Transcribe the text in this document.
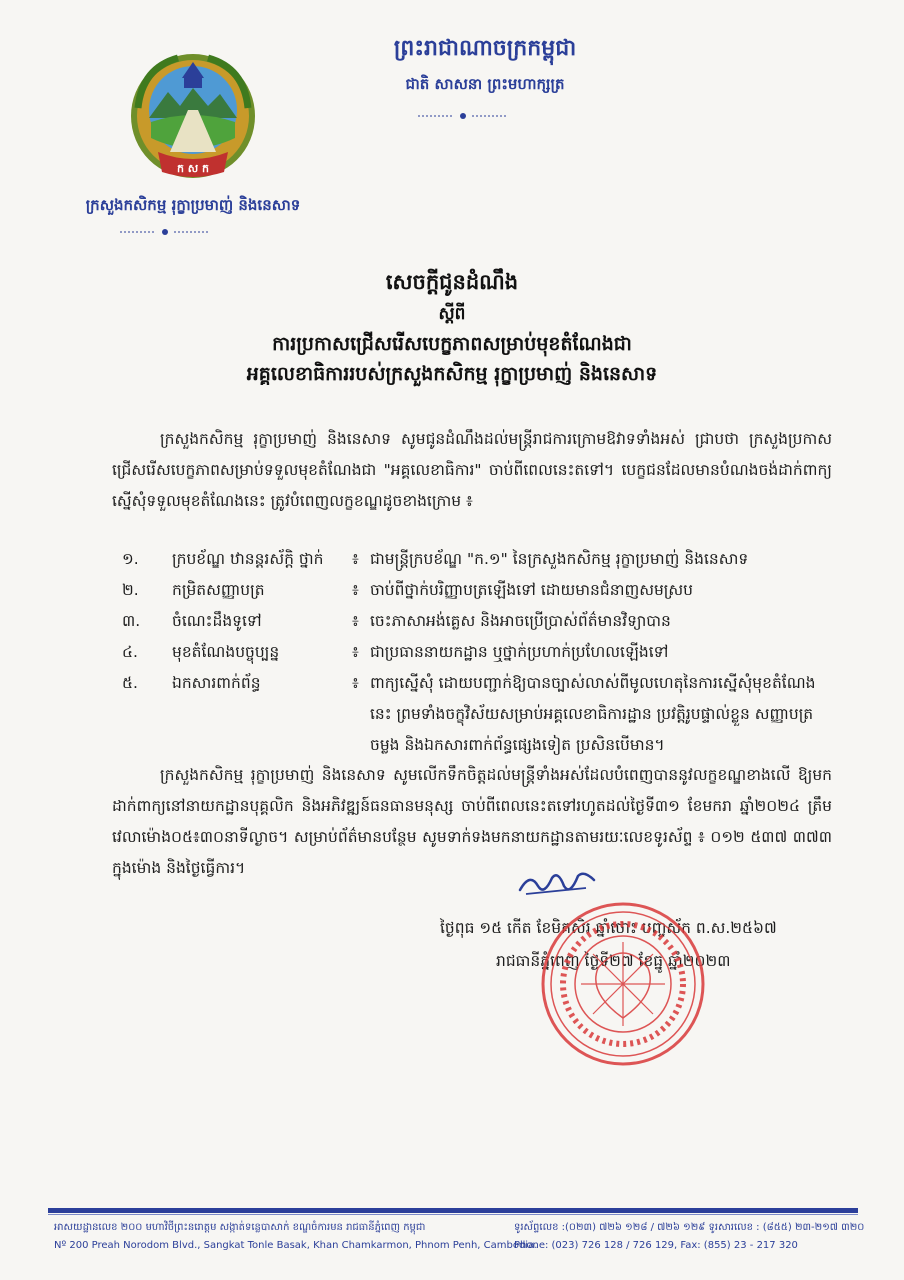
ក ស ក
ក្រសួងកសិកម្ម រុក្ខាប្រមាញ់ និងនេសាទ
ព្រះរាជាណាចក្រកម្ពុជា
ជាតិ សាសនា ព្រះមហាក្សត្រ
សេចក្តីជូនដំណឹង
ស្តីពី
ការប្រកាសជ្រើសរើសបេក្ខភាពសម្រាប់មុខតំណែងជា
អគ្គលេខាធិការរបស់ក្រសួងកសិកម្ម រុក្ខាប្រមាញ់ និងនេសាទ
ក្រសួងកសិកម្ម រុក្ខាប្រមាញ់ និងនេសាទ សូមជូនដំណឹងដល់មន្ត្រីរាជការក្រោមឱវាទទាំងអស់ ជ្រាបថា ក្រសួងប្រកាសជ្រើសរើសបេក្ខភាពសម្រាប់ទទួលមុខតំណែងជា "អគ្គលេខាធិការ" ចាប់ពីពេលនេះតទៅ។ បេក្ខជនដែលមានបំណងចង់ដាក់ពាក្យស្នើសុំទទួលមុខតំណែងនេះ ត្រូវបំពេញលក្ខខណ្ឌដូចខាងក្រោម ៖
១.	ក្របខ័ណ្ឌ ឋានន្តរស័ក្តិ ថ្នាក់	៖ ជាមន្ត្រីក្របខ័ណ្ឌ "ក.១" នៃក្រសួងកសិកម្ម រុក្ខាប្រមាញ់ និងនេសាទ
២.	កម្រិតសញ្ញាបត្រ	៖ ចាប់ពីថ្នាក់បរិញ្ញាបត្រឡើងទៅ ដោយមានជំនាញសមស្រប
៣.	ចំណេះដឹងទូទៅ	៖ ចេះភាសាអង់គ្លេស និងអាចប្រើប្រាស់ព័ត៌មានវិទ្យាបាន
៤.	មុខតំណែងបច្ចុប្បន្ន	៖ ជាប្រធាននាយកដ្ឋាន ឬថ្នាក់ប្រហាក់ប្រហែលឡើងទៅ
៥.	ឯកសារពាក់ព័ន្ធ	៖ ពាក្យស្នើសុំ ដោយបញ្ជាក់ឱ្យបានច្បាស់លាស់ពីមូលហេតុនៃការស្នើសុំមុខតំណែងនេះ ព្រមទាំងចក្ខុវិស័យសម្រាប់អគ្គលេខាធិការដ្ឋាន ប្រវត្តិរូបផ្ទាល់ខ្លួន សញ្ញាបត្រចម្លង និងឯកសារពាក់ព័ន្ធផ្សេងទៀត ប្រសិនបើមាន។
ក្រសួងកសិកម្ម រុក្ខាប្រមាញ់ និងនេសាទ សូមលើកទឹកចិត្តដល់មន្ត្រីទាំងអស់ដែលបំពេញបាននូវលក្ខខណ្ឌខាងលើ ឱ្យមកដាក់ពាក្យនៅនាយកដ្ឋានបុគ្គលិក និងអភិវឌ្ឍន៍ធនធានមនុស្ស ចាប់ពីពេលនេះតទៅរហូតដល់ថ្ងៃទី៣១ ខែមករា ឆ្នាំ២០២៤ ត្រឹមវេលាម៉ោង០៥៖៣០នាទីល្ងាច។ សម្រាប់ព័ត៌មានបន្ថែម សូមទាក់ទងមកនាយកដ្ឋានតាមរយៈលេខទូរស័ព្ទ ៖ ០១២ ៥៣៧ ៣៧៣ ក្នុងម៉ោង និងថ្ងៃធ្វើការ។
ថ្ងៃពុធ ១៥ កើត ខែមិគសិរ ឆ្នាំថោះ បញ្ចស័ក ព.ស.២៥៦៧
រាជធានីភ្នំពេញ ថ្ងៃទី២៧ ខែធ្នូ ឆ្នាំ២០២៣
អាសយដ្ឋានលេខ ២០០ មហាវិថីព្រះនរោត្តម សង្កាត់ទន្លេបាសាក់ ខណ្ឌចំការមន រាជធានីភ្នំពេញ កម្ពុជា
Nº 200 Preah Norodom Blvd., Sangkat Tonle Basak, Khan Chamkarmon, Phnom Penh, Cambodia.
ទូរស័ព្ទលេខ :(០២៣) ៧២៦ ១២៨ / ៧២៦ ១២៩ ទូរសារលេខ : (៨៥៥) ២៣-២១៧ ៣២០
Phone: (023) 726 128 / 726 129, Fax: (855) 23 - 217 320
